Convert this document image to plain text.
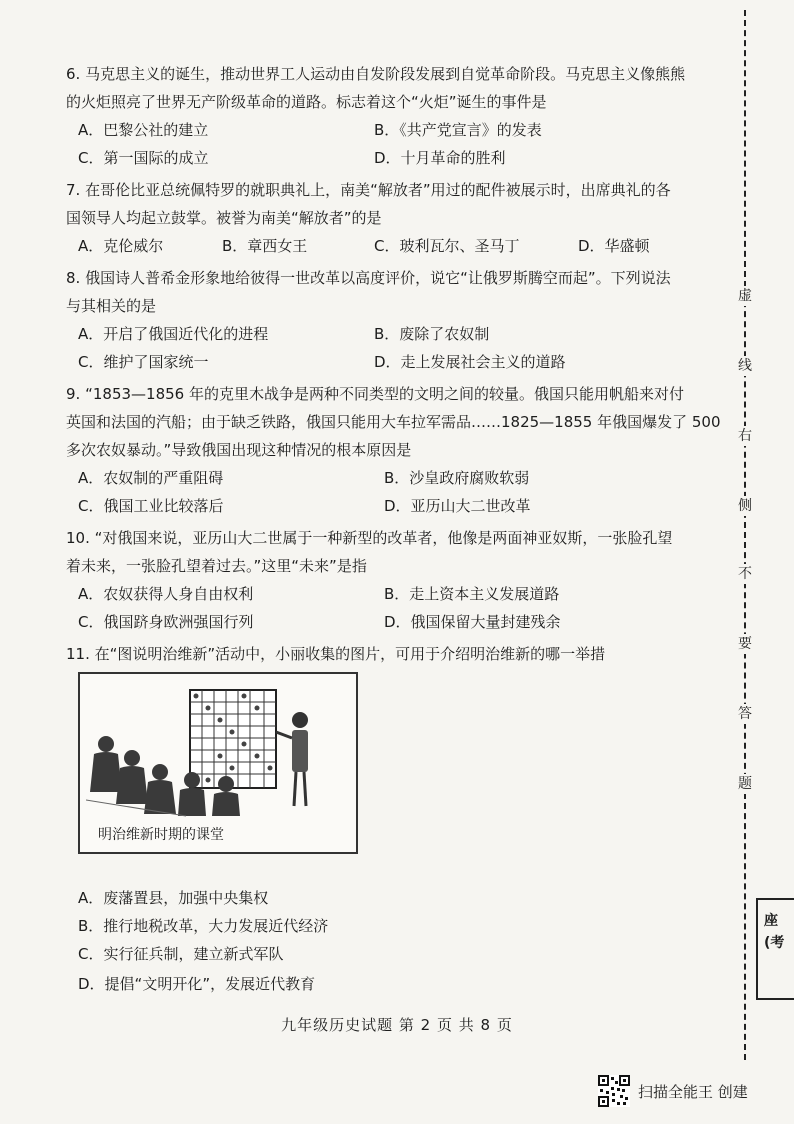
6. 马克思主义的诞生，推动世界工人运动由自发阶段发展到自觉革命阶段。马克思主义像熊熊
的火炬照亮了世界无产阶级革命的道路。标志着这个“火炬”诞生的事件是
A．巴黎公社的建立	B．《共产党宣言》的发表
C．第一国际的成立	D．十月革命的胜利
7. 在哥伦比亚总统佩特罗的就职典礼上，南美“解放者”用过的配件被展示时，出席典礼的各
国领导人均起立鼓掌。被誉为南美“解放者”的是
A．克伦威尔	B．章西女王	C．玻利瓦尔、圣马丁	D．华盛顿
8. 俄国诗人普希金形象地给彼得一世改革以高度评价，说它“让俄罗斯腾空而起”。下列说法
与其相关的是
A．开启了俄国近代化的进程	B．废除了农奴制
C．维护了国家统一	D．走上发展社会主义的道路
9. “1853—1856 年的克里木战争是两种不同类型的文明之间的较量。俄国只能用帆船来对付
英国和法国的汽船；由于缺乏铁路，俄国只能用大车拉军需品……1825—1855 年俄国爆发了 500
多次农奴暴动。”导致俄国出现这种情况的根本原因是
A．农奴制的严重阻碍	B．沙皇政府腐败软弱
C．俄国工业比较落后	D．亚历山大二世改革
10. “对俄国来说，亚历山大二世属于一种新型的改革者，他像是两面神亚奴斯，一张脸孔望
着未来，一张脸孔望着过去。”这里“未来”是指
A．农奴获得人身自由权利	B．走上资本主义发展道路
C．俄国跻身欧洲强国行列	D．俄国保留大量封建残余
11. 在“图说明治维新”活动中，小丽收集的图片，可用于介绍明治维新的哪一举措
明治维新时期的课堂
A．废藩置县，加强中央集权
B．推行地税改革，大力发展近代经济
C．实行征兵制，建立新式军队
D．提倡“文明开化”，发展近代教育
九年级历史试题 第 2 页 共 8 页
虚
线
右
侧
不
要
答
题
座
(考
扫描全能王 创建
